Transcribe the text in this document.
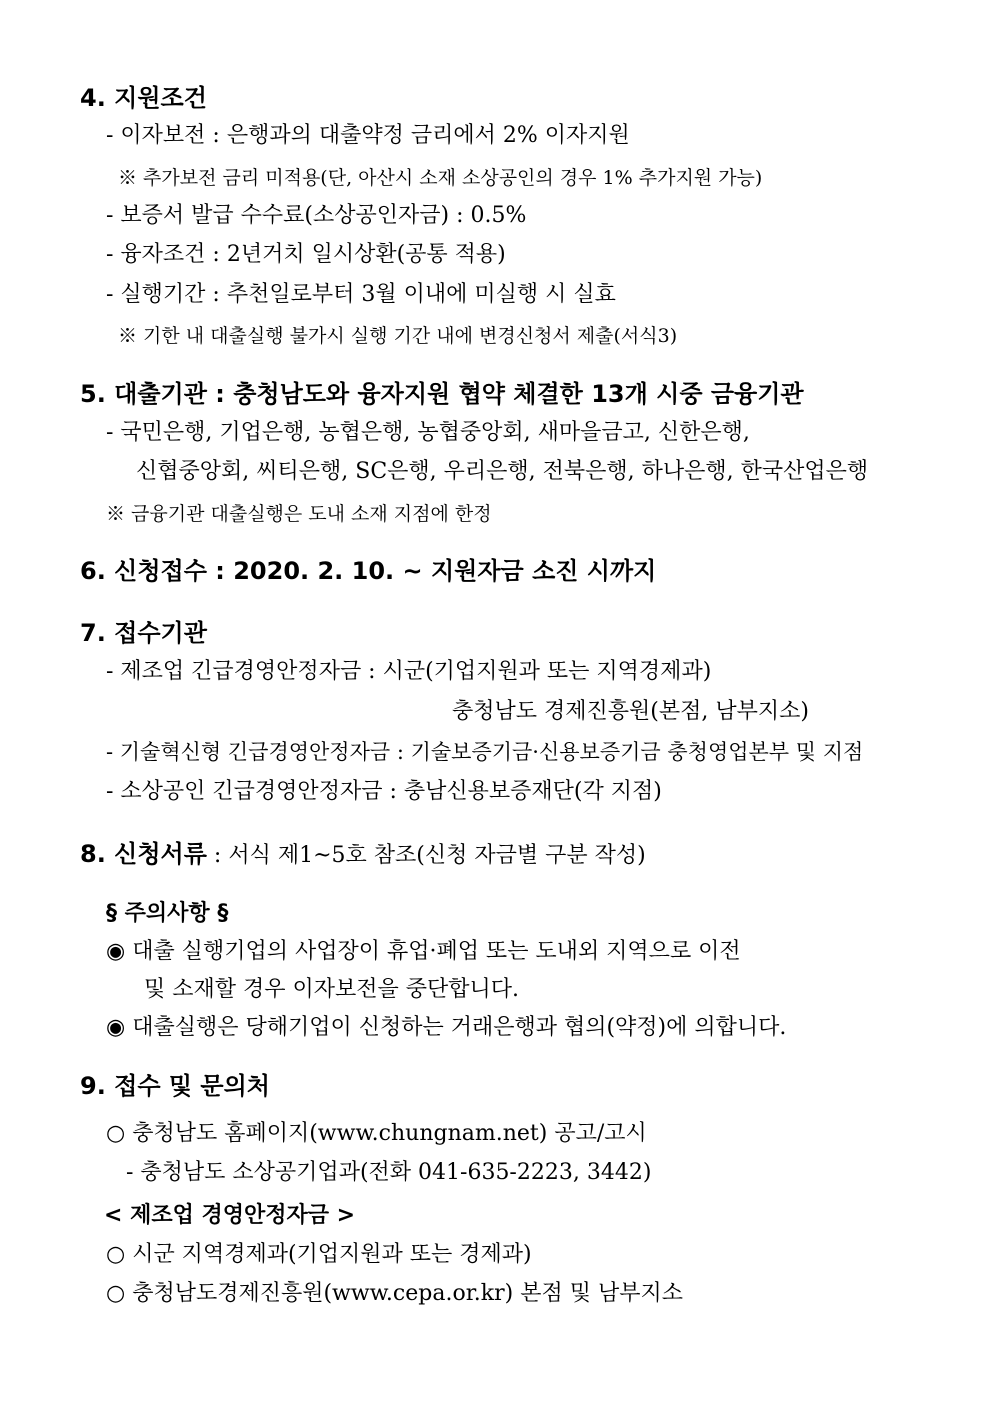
4. 지원조건
- 이자보전 : 은행과의 대출약정 금리에서 2% 이자지원
※ 추가보전 금리 미적용(단, 아산시 소재 소상공인의 경우 1% 추가지원 가능)
- 보증서 발급 수수료(소상공인자금) : 0.5%
- 융자조건 : 2년거치 일시상환(공통 적용)
- 실행기간 : 추천일로부터 3월 이내에 미실행 시 실효
※ 기한 내 대출실행 불가시 실행 기간 내에 변경신청서 제출(서식3)
5. 대출기관 : 충청남도와 융자지원 협약 체결한 13개 시중 금융기관
- 국민은행, 기업은행, 농협은행, 농협중앙회, 새마을금고, 신한은행,
신협중앙회, 씨티은행, SC은행, 우리은행, 전북은행, 하나은행, 한국산업은행
※ 금융기관 대출실행은 도내 소재 지점에 한정
6. 신청접수 : 2020. 2. 10. ~ 지원자금 소진 시까지
7. 접수기관
- 제조업 긴급경영안정자금 : 시군(기업지원과 또는 지역경제과)
충청남도 경제진흥원(본점, 남부지소)
- 기술혁신형 긴급경영안정자금 : 기술보증기금·신용보증기금 충청영업본부 및 지점
- 소상공인 긴급경영안정자금 : 충남신용보증재단(각 지점)
8. 신청서류 : 서식 제1~5호 참조(신청 자금별 구분 작성)
§ 주의사항 §
◉ 대출 실행기업의 사업장이 휴업·폐업 또는 도내외 지역으로 이전
및 소재할 경우 이자보전을 중단합니다.
◉ 대출실행은 당해기업이 신청하는 거래은행과 협의(약정)에 의합니다.
9. 접수 및 문의처
○ 충청남도 홈페이지(www.chungnam.net) 공고/고시
- 충청남도 소상공기업과(전화 041-635-2223, 3442)
< 제조업 경영안정자금 >
○ 시군 지역경제과(기업지원과 또는 경제과)
○ 충청남도경제진흥원(www.cepa.or.kr) 본점 및 남부지소
